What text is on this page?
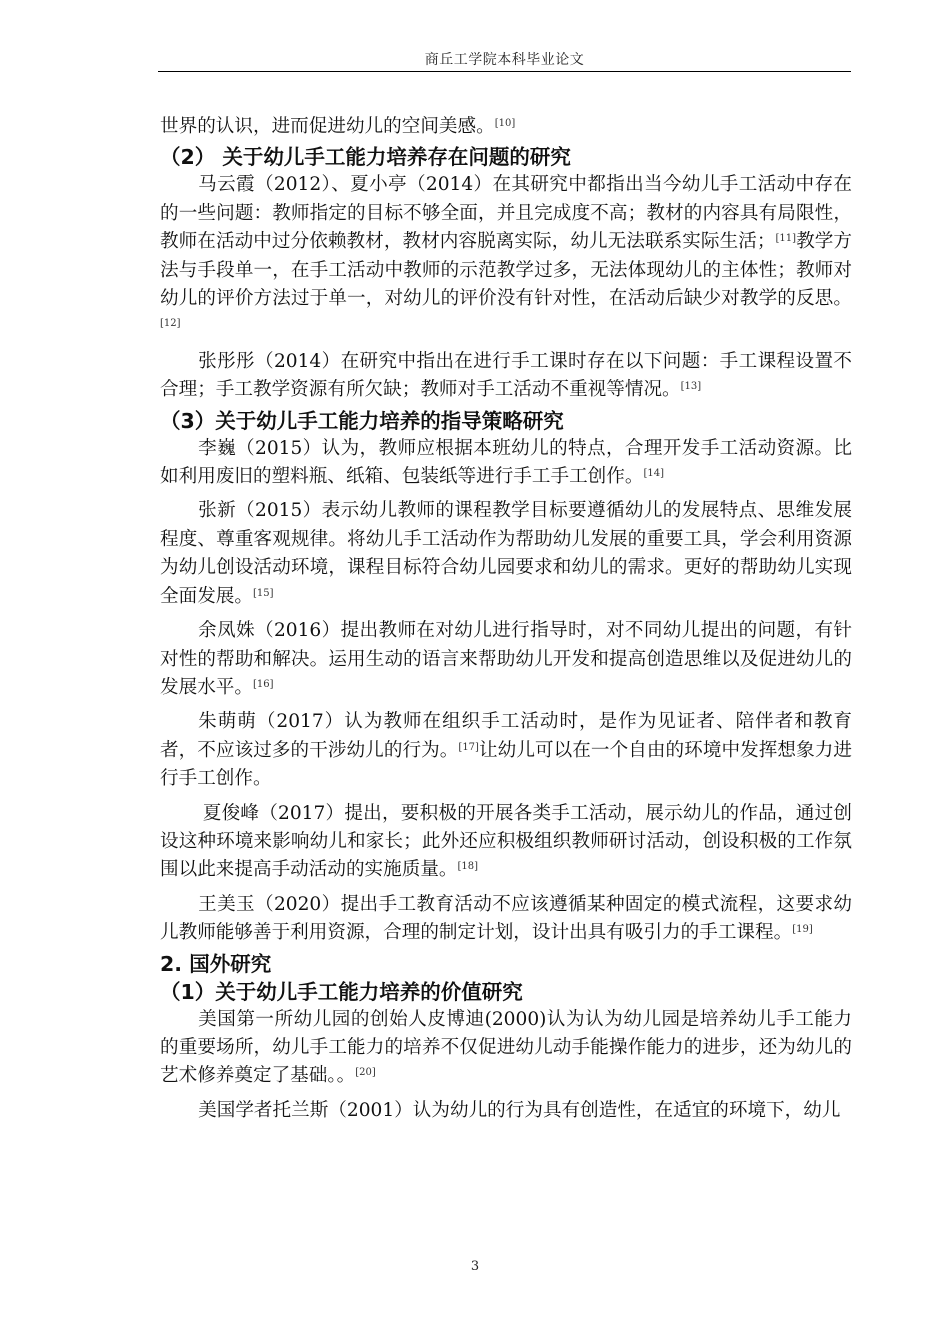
商丘工学院本科毕业论文

世界的认识，进而促进幼儿的空间美感。[10]

（2） 关于幼儿手工能力培养存在问题的研究

马云霞（2012）、夏小亭（2014）在其研究中都指出当今幼儿手工活动中存在的一些问题：教师指定的目标不够全面，并且完成度不高；教材的内容具有局限性，教师在活动中过分依赖教材，教材内容脱离实际，幼儿无法联系实际生活；[11]教学方法与手段单一，在手工活动中教师的示范教学过多，无法体现幼儿的主体性；教师对幼儿的评价方法过于单一，对幼儿的评价没有针对性，在活动后缺少对教学的反思。[12]

张彤彤（2014）在研究中指出在进行手工课时存在以下问题：手工课程设置不合理；手工教学资源有所欠缺；教师对手工活动不重视等情况。[13]

（3）关于幼儿手工能力培养的指导策略研究

李巍（2015）认为，教师应根据本班幼儿的特点，合理开发手工活动资源。比如利用废旧的塑料瓶、纸箱、包装纸等进行手工手工创作。[14]

张新（2015）表示幼儿教师的课程教学目标要遵循幼儿的发展特点、思维发展程度、尊重客观规律。将幼儿手工活动作为帮助幼儿发展的重要工具，学会利用资源为幼儿创设活动环境，课程目标符合幼儿园要求和幼儿的需求。更好的帮助幼儿实现全面发展。[15]

余凤姝（2016）提出教师在对幼儿进行指导时，对不同幼儿提出的问题，有针对性的帮助和解决。运用生动的语言来帮助幼儿开发和提高创造思维以及促进幼儿的发展水平。[16]

朱萌萌（2017）认为教师在组织手工活动时，是作为见证者、陪伴者和教育者，不应该过多的干涉幼儿的行为。[17]让幼儿可以在一个自由的环境中发挥想象力进行手工创作。

夏俊峰（2017）提出，要积极的开展各类手工活动，展示幼儿的作品，通过创设这种环境来影响幼儿和家长；此外还应积极组织教师研讨活动，创设积极的工作氛围以此来提高手动活动的实施质量。[18]

王美玉（2020）提出手工教育活动不应该遵循某种固定的模式流程，这要求幼儿教师能够善于利用资源，合理的制定计划，设计出具有吸引力的手工课程。[19]

2. 国外研究
（1）关于幼儿手工能力培养的价值研究

美国第一所幼儿园的创始人皮博迪(2000)认为认为幼儿园是培养幼儿手工能力的重要场所，幼儿手工能力的培养不仅促进幼儿动手能操作能力的进步，还为幼儿的艺术修养奠定了基础。。[20]

美国学者托兰斯（2001）认为幼儿的行为具有创造性，在适宜的环境下，幼儿

3
